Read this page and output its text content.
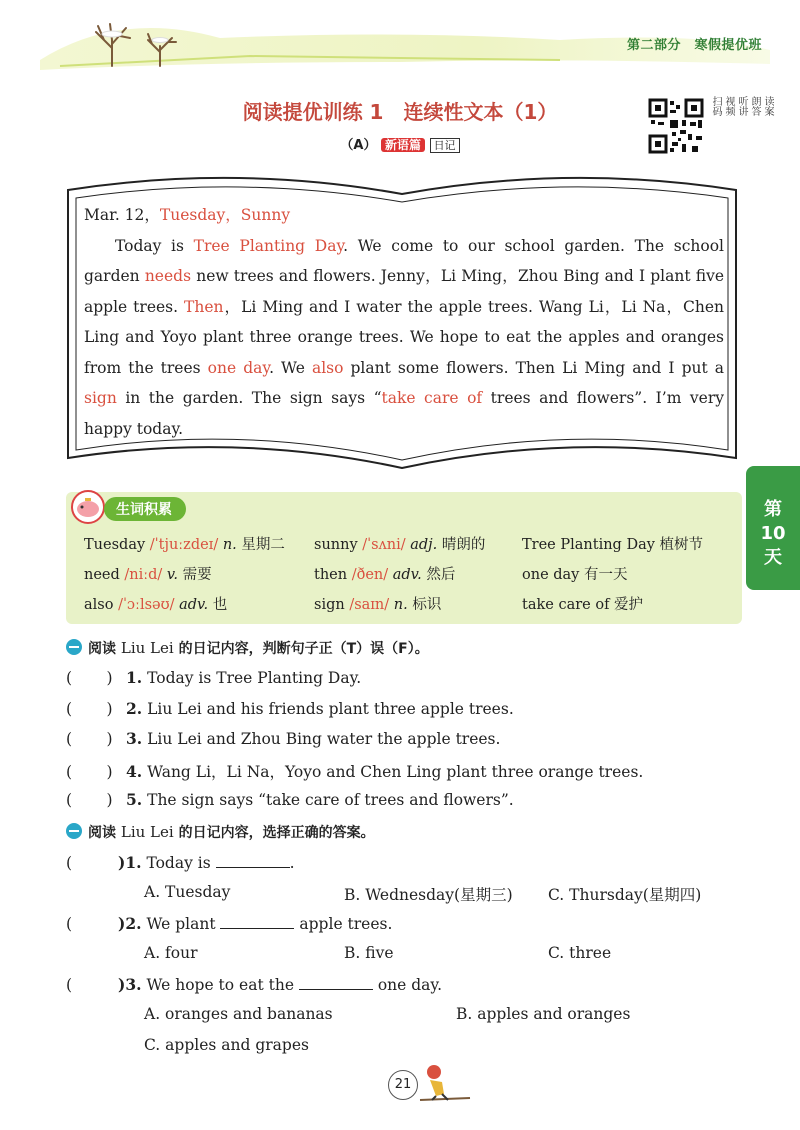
第二部分　寒假提优班
阅读提优训练 1　连续性文本（1）	扫码 视频 听讲 朗答 读案
（A） 新语篇 日记

Mar. 12，Tuesday，Sunny

Today is Tree Planting Day. We come to our school garden. The school garden needs new trees and flowers. Jenny，Li Ming，Zhou Bing and I plant five apple trees. Then，Li Ming and I water the apple trees. Wang Li，Li Na，Chen Ling and Yoyo plant three orange trees. We hope to eat the apples and oranges from the trees one day. We also plant some flowers. Then Li Ming and I put a sign in the garden. The sign says “take care of trees and flowers”. I’m very happy today.

生词积累
Tuesday /ˈtjuːzdeɪ/ n. 星期二 sunny /ˈsʌni/ adj. 晴朗的	Tree Planting Day 植树节
need /niːd/ v. 需要	then /ðen/ adv. 然后	one day 有一天
also /ˈɔːlsəʊ/ adv. 也	sign /saɪn/ n. 标识	take care of 爱护
第
10
天
阅读 Liu Lei 的日记内容，判断句子正（T）误（F）。
(       ) 1. Today is Tree Planting Day.
(       ) 2. Liu Lei and his friends plant three apple trees.
(       ) 3. Liu Lei and Zhou Bing water the apple trees.
(       ) 4. Wang Li，Li Na，Yoyo and Chen Ling plant three orange trees.
(       ) 5. The sign says “take care of trees and flowers”.
阅读 Liu Lei 的日记内容，选择正确的答案。
(	)1. Today is	.
A. Tuesday	B. Wednesday(星期三) C. Thursday(星期四)
(	)2. We plant	apple trees.
A. four	B. five	C. three
(	)3. We hope to eat the	one day.
A. oranges and bananas	B. apples and oranges
C. apples and grapes
21
